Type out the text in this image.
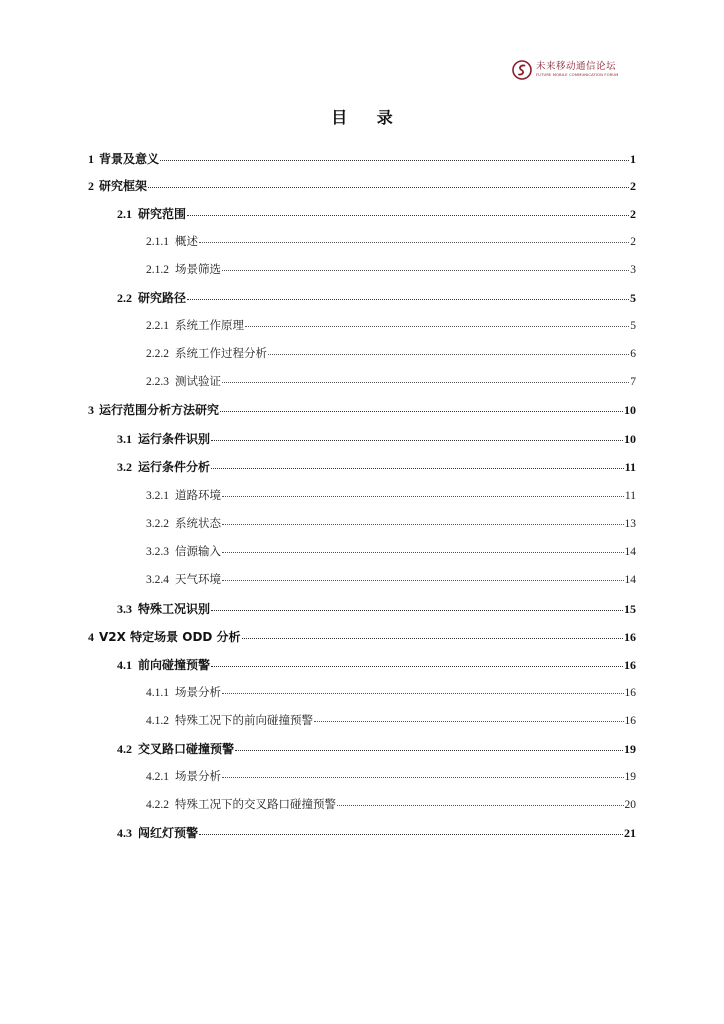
未来移动通信论坛
FUTURE MOBILE COMMUNICATION FORUM
目 录
1 背景及意义	1
2 研究框架	2
2.1 研究范围	2
2.1.1 概述	2
2.1.2 场景筛选	3
2.2 研究路径	5
2.2.1 系统工作原理	5
2.2.2 系统工作过程分析	6
2.2.3 测试验证	7
3 运行范围分析方法研究	10
3.1 运行条件识别	10
3.2 运行条件分析	11
3.2.1 道路环境	11
3.2.2 系统状态	13
3.2.3 信源输入	14
3.2.4 天气环境	14
3.3 特殊工况识别	15
4 V2X 特定场景 ODD 分析	16
4.1 前向碰撞预警	16
4.1.1 场景分析	16
4.1.2 特殊工况下的前向碰撞预警	16
4.2 交叉路口碰撞预警	19
4.2.1 场景分析	19
4.2.2 特殊工况下的交叉路口碰撞预警	20
4.3 闯红灯预警	21
